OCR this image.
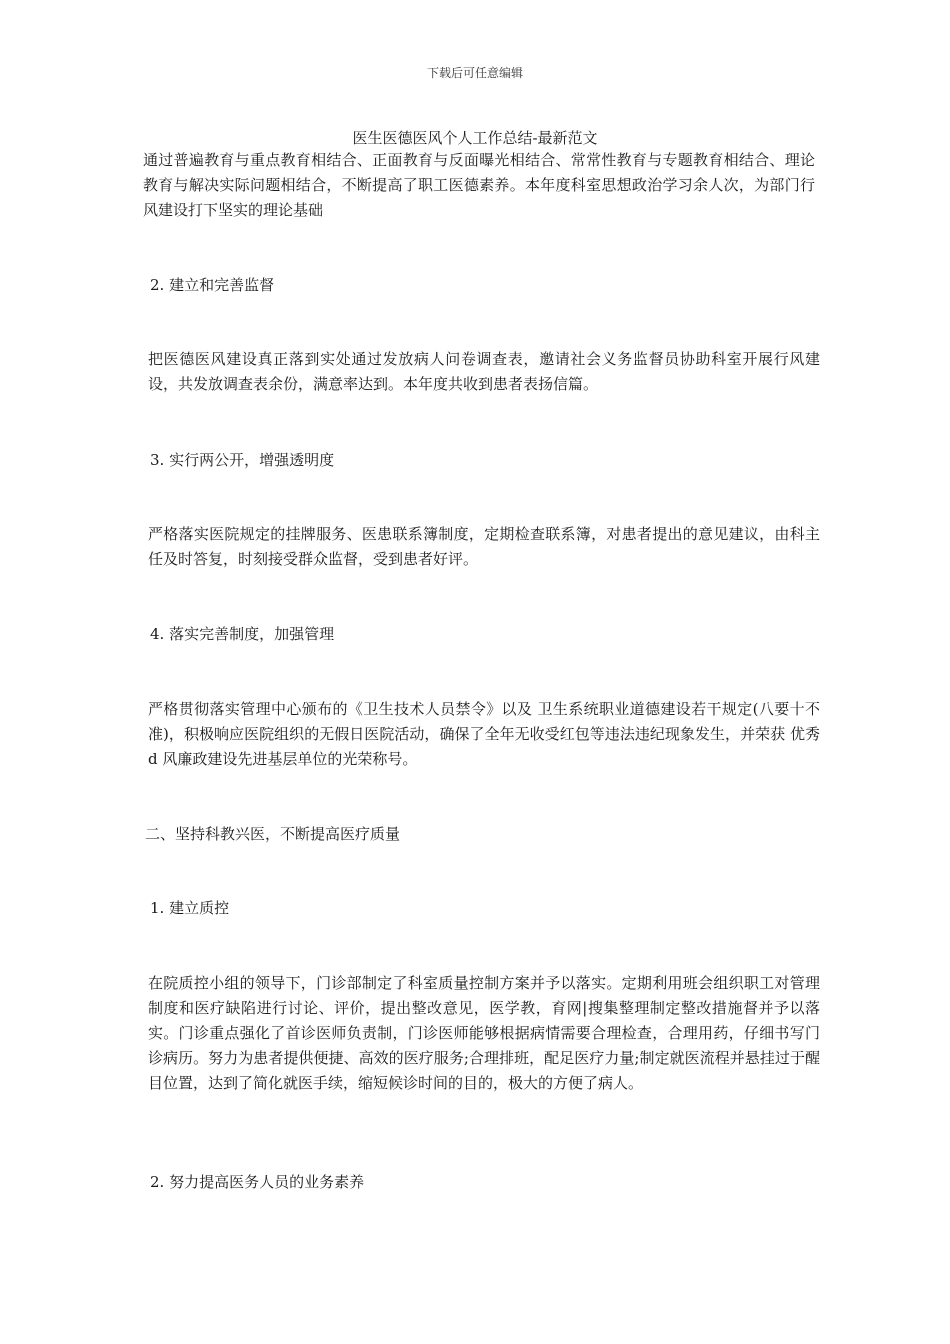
下载后可任意编辑
医生医德医风个人工作总结-最新范文
通过普遍教育与重点教育相结合、正面教育与反面曝光相结合、常常性教育与专题教育相结合、理论教育与解决实际问题相结合，不断提高了职工医德素养。本年度科室思想政治学习余人次，为部门行风建设打下坚实的理论基础
2. 建立和完善监督
把医德医风建设真正落到实处通过发放病人问卷调查表，邀请社会义务监督员协助科室开展行风建设，共发放调查表余份，满意率达到。本年度共收到患者表扬信篇。
3. 实行两公开，增强透明度
严格落实医院规定的挂牌服务、医患联系簿制度，定期检查联系簿，对患者提出的意见建议，由科主任及时答复，时刻接受群众监督，受到患者好评。
4. 落实完善制度，加强管理
严格贯彻落实管理中心颁布的《卫生技术人员禁令》以及 卫生系统职业道德建设若干规定(八要十不准)，积极响应医院组织的无假日医院活动，确保了全年无收受红包等违法违纪现象发生，并荣获 优秀 d 风廉政建设先进基层单位的光荣称号。
二、坚持科教兴医，不断提高医疗质量
1. 建立质控
在院质控小组的领导下，门诊部制定了科室质量控制方案并予以落实。定期利用班会组织职工对管理制度和医疗缺陷进行讨论、评价，提出整改意见，医学教，育网|搜集整理制定整改措施督并予以落实。门诊重点强化了首诊医师负责制，门诊医师能够根据病情需要合理检查，合理用药，仔细书写门诊病历。努力为患者提供便捷、高效的医疗服务;合理排班，配足医疗力量;制定就医流程并悬挂过于醒目位置，达到了简化就医手续，缩短候诊时间的目的，极大的方便了病人。
2. 努力提高医务人员的业务素养
